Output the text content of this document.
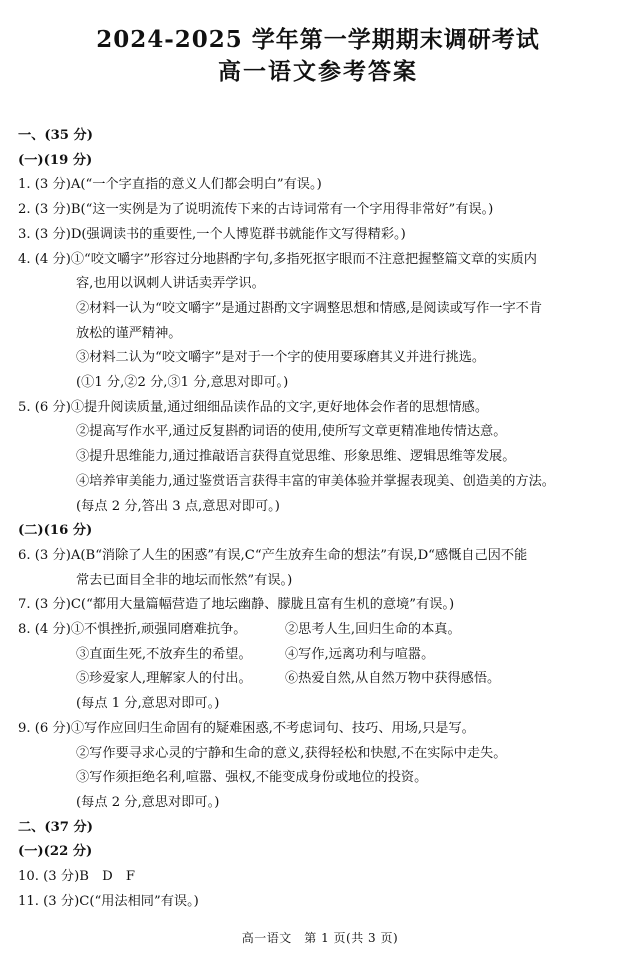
2024-2025 学年第一学期期末调研考试
高一语文参考答案
一、(35 分)
(一)(19 分)
1. (3 分)A(“一个字直指的意义人们都会明白”有误。)
2. (3 分)B(“这一实例是为了说明流传下来的古诗词常有一个字用得非常好”有误。)
3. (3 分)D(强调读书的重要性,一个人博览群书就能作文写得精彩。)
4. (4 分)①“咬文嚼字”形容过分地斟酌字句,多指死抠字眼而不注意把握整篇文章的实质内
容,也用以讽刺人讲话卖弄学识。
②材料一认为“咬文嚼字”是通过斟酌文字调整思想和情感,是阅读或写作一字不肯
放松的谨严精神。
③材料二认为“咬文嚼字”是对于一个字的使用要琢磨其义并进行挑选。
(①1 分,②2 分,③1 分,意思对即可。)
5. (6 分)①提升阅读质量,通过细细品读作品的文字,更好地体会作者的思想情感。
②提高写作水平,通过反复斟酌词语的使用,使所写文章更精准地传情达意。
③提升思维能力,通过推敲语言获得直觉思维、形象思维、逻辑思维等发展。
④培养审美能力,通过鉴赏语言获得丰富的审美体验并掌握表现美、创造美的方法。
(每点 2 分,答出 3 点,意思对即可。)
(二)(16 分)
6. (3 分)A(B“消除了人生的困惑”有误,C“产生放弃生命的想法”有误,D“感慨自己因不能
常去已面目全非的地坛而怅然”有误。)
7. (3 分)C(“都用大量篇幅营造了地坛幽静、朦胧且富有生机的意境”有误。)
8. (4 分)①不惧挫折,顽强同磨难抗争。	②思考人生,回归生命的本真。
③直面生死,不放弃生的希望。	④写作,远离功利与喧嚣。
⑤珍爱家人,理解家人的付出。	⑥热爱自然,从自然万物中获得感悟。
(每点 1 分,意思对即可。)
9. (6 分)①写作应回归生命固有的疑难困惑,不考虑词句、技巧、用场,只是写。
②写作要寻求心灵的宁静和生命的意义,获得轻松和快慰,不在实际中走失。
③写作须拒绝名利,喧嚣、强权,不能变成身份或地位的投资。
(每点 2 分,意思对即可。)
二、(37 分)
(一)(22 分)
10. (3 分)B　D　F
11. (3 分)C(“用法相同”有误。)
高一语文　第 1 页(共 3 页)
